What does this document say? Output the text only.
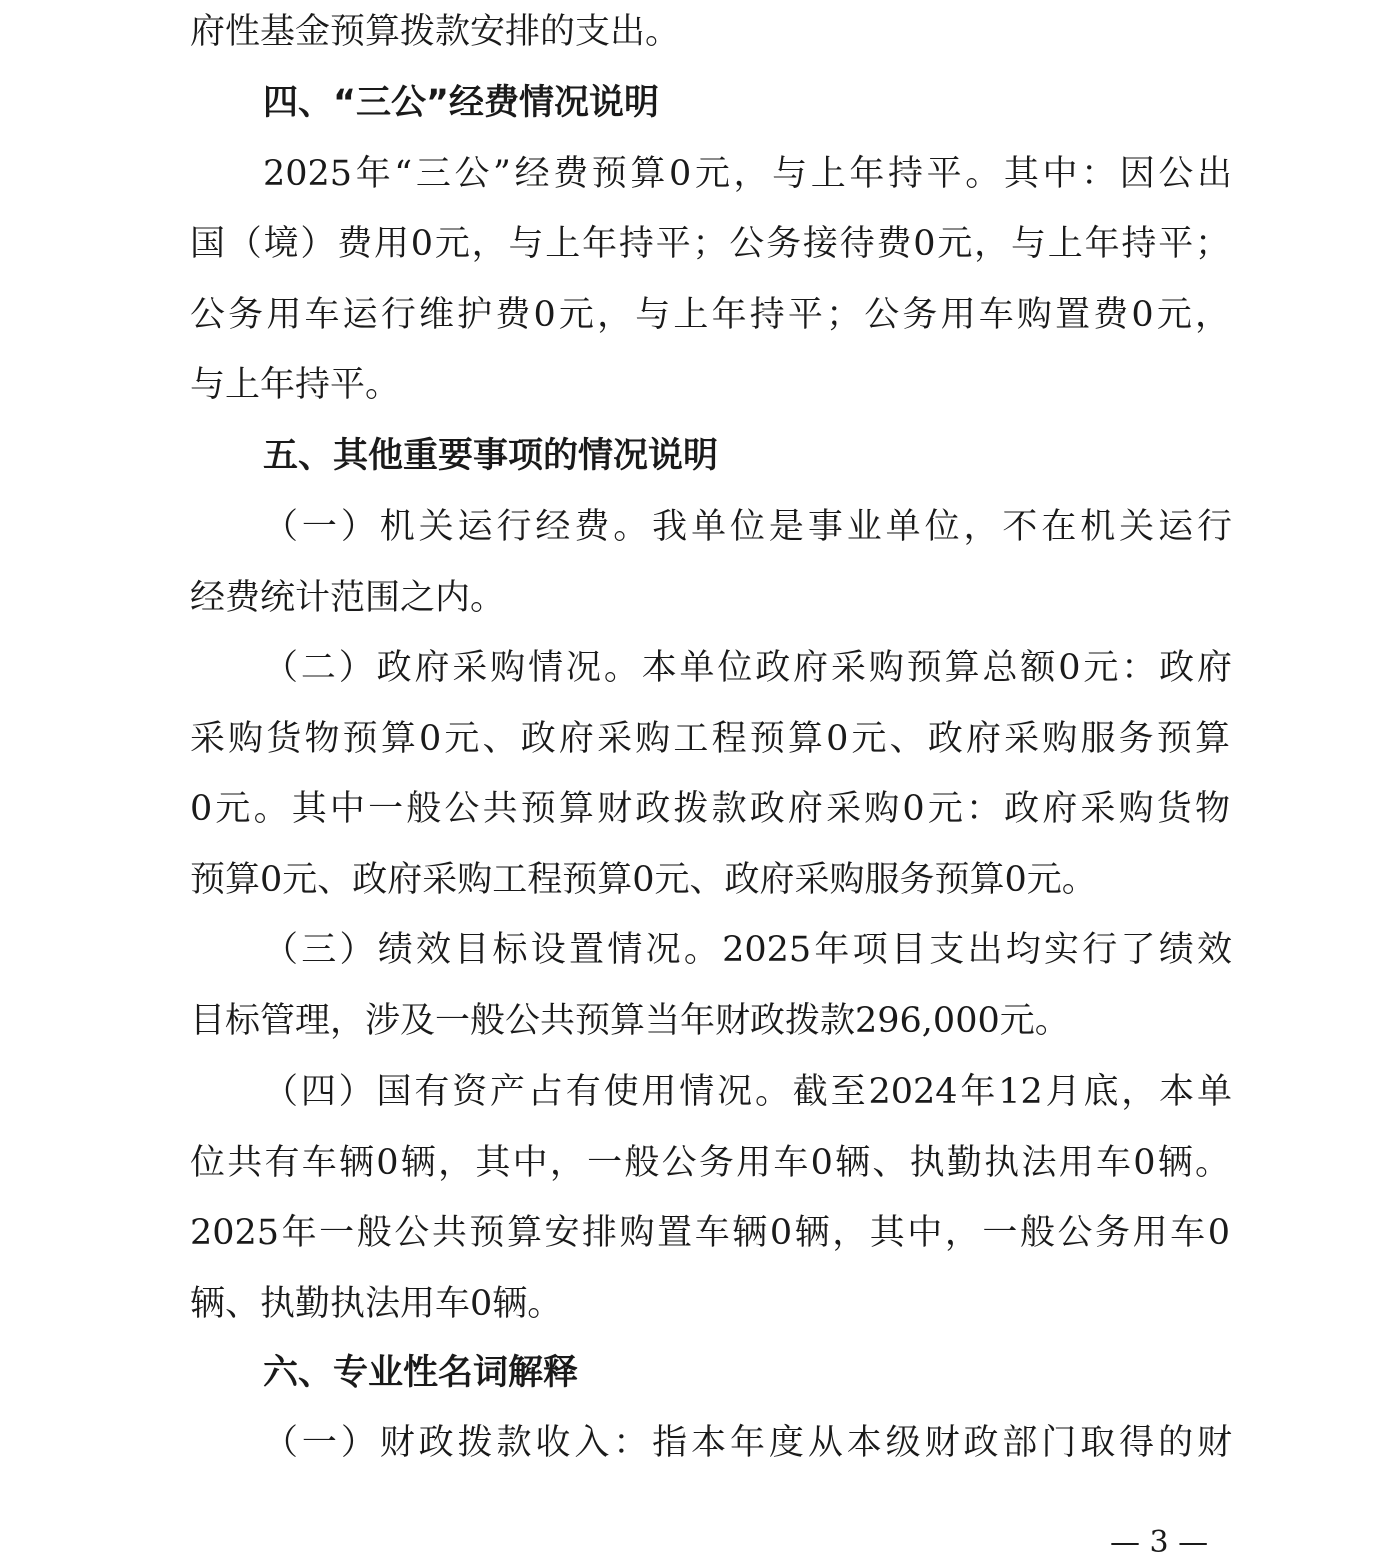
府性基金预算拨款安排的支出。
四、“三公”经费情况说明
2025年“三公”经费预算0元，与上年持平。其中：因公出
国（境）费用0元，与上年持平；公务接待费0元，与上年持平；
公务用车运行维护费0元，与上年持平；公务用车购置费0元，
与上年持平。
五、其他重要事项的情况说明
（一）机关运行经费。我单位是事业单位，不在机关运行
经费统计范围之内。
（二）政府采购情况。本单位政府采购预算总额0元：政府
采购货物预算0元、政府采购工程预算0元、政府采购服务预算
0元。其中一般公共预算财政拨款政府采购0元：政府采购货物
预算0元、政府采购工程预算0元、政府采购服务预算0元。
（三）绩效目标设置情况。2025年项目支出均实行了绩效
目标管理，涉及一般公共预算当年财政拨款296,000元。
（四）国有资产占有使用情况。截至2024年12月底，本单
位共有车辆0辆，其中，一般公务用车0辆、执勤执法用车0辆。
2025年一般公共预算安排购置车辆0辆，其中，一般公务用车0
辆、执勤执法用车0辆。
六、专业性名词解释
（一）财政拨款收入：指本年度从本级财政部门取得的财
— 3 —
